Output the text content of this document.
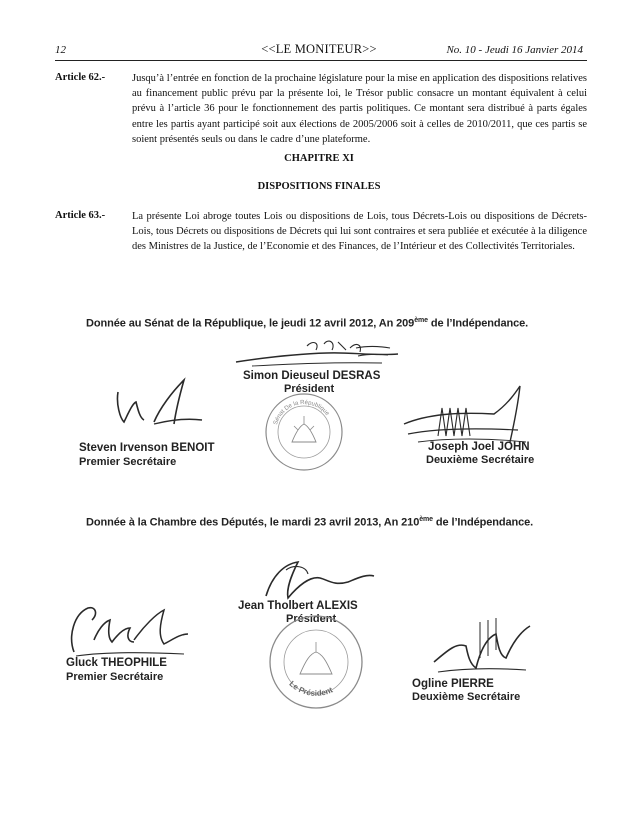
12	<<LE MONITEUR>>	No. 10 - Jeudi 16 Janvier 2014
Article 62.-	Jusqu’à l’entrée en fonction de la prochaine législature pour la mise en application des dispositions relatives au financement public prévu par la présente loi, le Trésor public consacre un montant équivalent à celui prévu à l’article 36 pour le fonctionnement des partis politiques. Ce montant sera distribué à parts égales entre les partis ayant participé soit aux élections de 2005/2006 soit à celles de 2010/2011, que ces partis se soient présentés seuls ou dans le cadre d’une plateforme.
CHAPITRE XI
DISPOSITIONS FINALES
Article 63.-	La présente Loi abroge toutes Lois ou dispositions de Lois, tous Décrets-Lois ou dispositions de Décrets-Lois, tous Décrets ou dispositions de Décrets qui lui sont contraires et sera publiée et exécutée à la diligence des Ministres de la Justice, de l’Economie et des Finances, de l’Intérieur et des Collectivités Territoriales.
Donnée au Sénat de la République, le jeudi 12 avril 2012, An 209ème de l’Indépendance.
Simon Dieuseul DESRAS
Président
Sénat De la République
Steven Irvenson BENOIT
Premier Secrétaire
Joseph Joel JOHN
Deuxième Secrétaire
Donnée à la Chambre des Députés, le mardi 23 avril 2013, An 210ème de l’Indépendance.
Jean Tholbert ALEXIS
Président
Le Président
Gluck THEOPHILE
Premier Secrétaire
Ogline PIERRE
Deuxième Secrétaire
